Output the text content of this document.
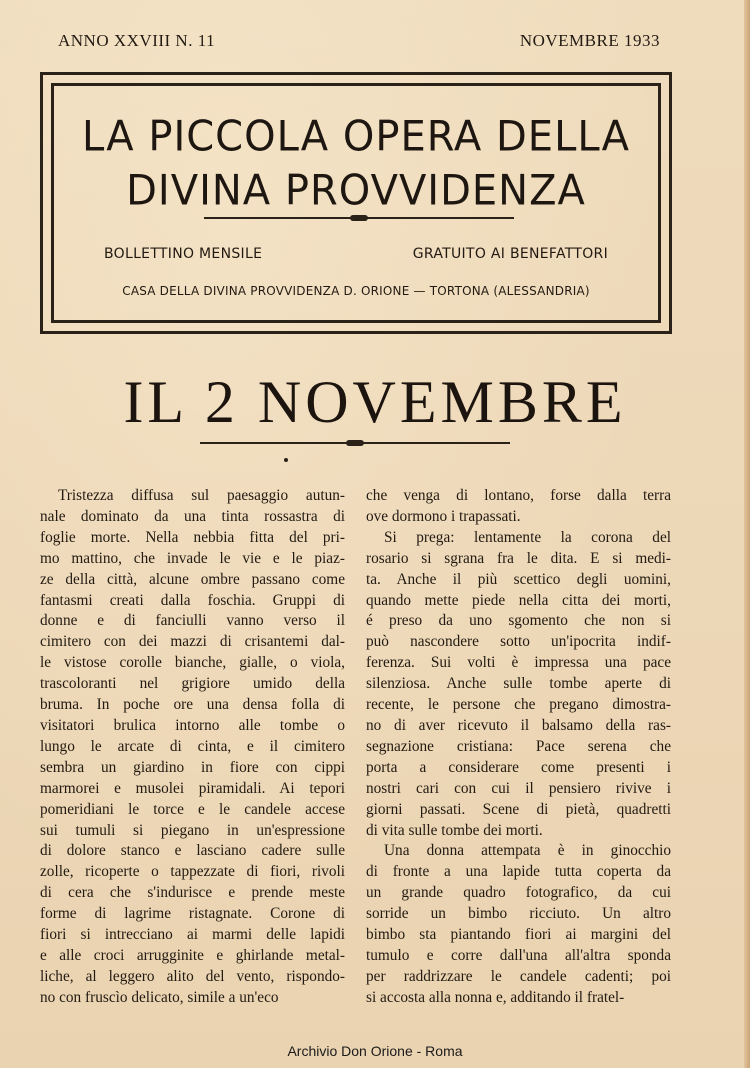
ANNO XXVIII N. 11	NOVEMBRE 1933
LA PICCOLA OPERA DELLA
DIVINA PROVVIDENZA
BOLLETTINO MENSILE	GRATUITO AI BENEFATTORI
CASA DELLA DIVINA PROVVIDENZA D. ORIONE — TORTONA (ALESSANDRIA)
IL 2 NOVEMBRE
Tristezza diffusa sul paesaggio autun-
nale dominato da una tinta rossastra di
foglie morte. Nella nebbia fitta del pri-
mo mattino, che invade le vie e le piaz-
ze della città, alcune ombre passano come
fantasmi creati dalla foschia. Gruppi di
donne e di fanciulli vanno verso il
cimitero con dei mazzi di crisantemi dal-
le vistose corolle bianche, gialle, o viola,
trascoloranti nel grigiore umido della
bruma. In poche ore una densa folla di
visitatori brulica intorno alle tombe o
lungo le arcate di cinta, e il cimitero
sembra un giardino in fiore con cippi
marmorei e musolei piramidali. Ai tepori
pomeridiani le torce e le candele accese
sui tumuli si piegano in un'espressione
di dolore stanco e lasciano cadere sulle
zolle, ricoperte o tappezzate di fiori, rivoli
di cera che s'indurisce e prende meste
forme di lagrime ristagnate. Corone di
fiori si intrecciano ai marmi delle lapidi
e alle croci arrugginite e ghirlande metal-
liche, al leggero alito del vento, rispondo-
no con fruscìo delicato, simile a un'eco
che venga di lontano, forse dalla terra
ove dormono i trapassati.
Si prega: lentamente la corona del
rosario si sgrana fra le dita. E si medi-
ta. Anche il più scettico degli uomini,
quando mette piede nella citta dei morti,
é preso da uno sgomento che non si
può nascondere sotto un'ipocrita indif-
ferenza. Sui volti è impressa una pace
silenziosa. Anche sulle tombe aperte di
recente, le persone che pregano dimostra-
no di aver ricevuto il balsamo della ras-
segnazione cristiana: Pace serena che
porta a considerare come presenti i
nostri cari con cui il pensiero rivive i
giorni passati. Scene di pietà, quadretti
di vita sulle tombe dei morti.
Una donna attempata è in ginocchio
di fronte a una lapide tutta coperta da
un grande quadro fotografico, da cui
sorride un bimbo ricciuto. Un altro
bimbo sta piantando fiori ai margini del
tumulo e corre dall'una all'altra sponda
per raddrizzare le candele cadenti; poi
si accosta alla nonna e, additando il fratel-
Archivio Don Orione - Roma
